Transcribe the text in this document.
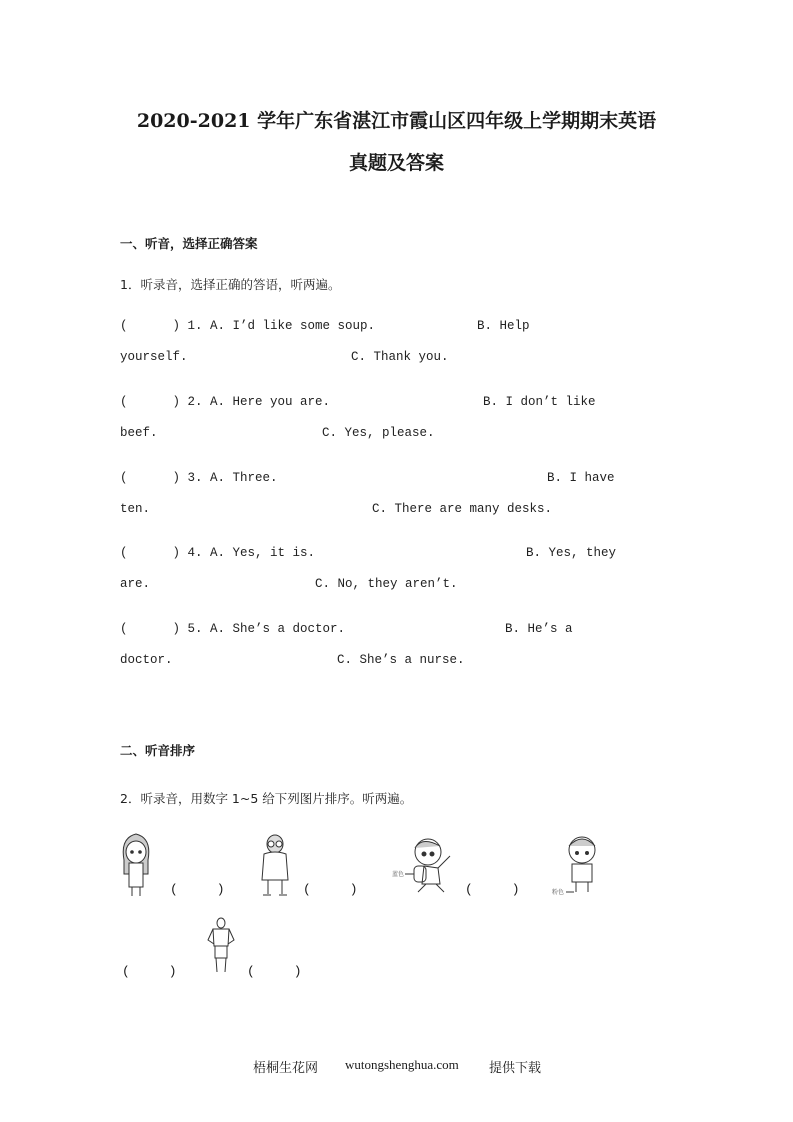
2020-2021 学年广东省湛江市霞山区四年级上学期期末英语
真题及答案
一、听音，选择正确答案
1．听录音，选择正确的答语，听两遍。
(      ) 1. A. I’d like some soup.	B. Help
yourself.	C. Thank you.
(      ) 2. A. Here you are.	B. I don’t like
beef.	C. Yes, please.
(      ) 3. A. Three.	B. I have
ten.	C. There are many desks.
(      ) 4. A. Yes, it is.	B. Yes, they
are.	C. No, they aren’t.
(      ) 5. A. She’s a doctor.	B. He’s a
doctor.	C. She’s a nurse.
二、听音排序
2．听录音，用数字 1~5 给下列图片排序。听两遍。
(     )	(     )
蓝色
(     )	粉色
(     )	(     )
梧桐生花网 wutongshenghua.com 提供下载
